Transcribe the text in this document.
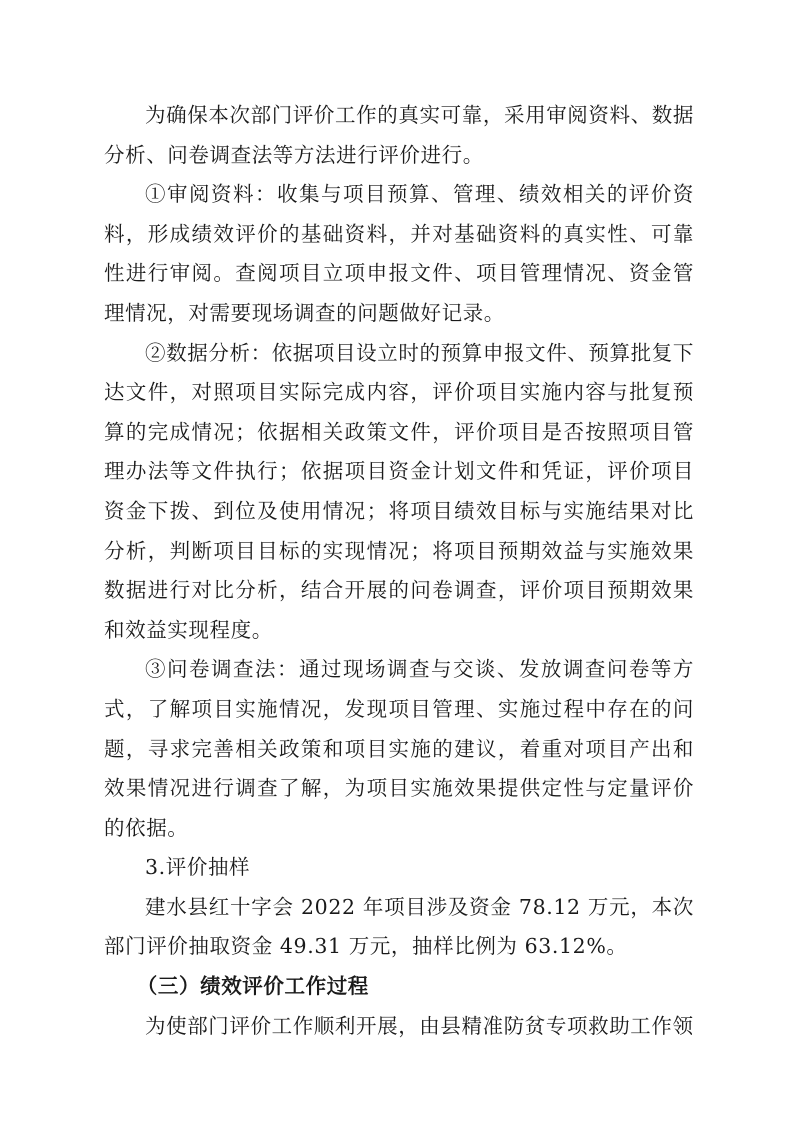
为确保本次部门评价工作的真实可靠，采用审阅资料、数据分析、问卷调查法等方法进行评价进行。

①审阅资料：收集与项目预算、管理、绩效相关的评价资料，形成绩效评价的基础资料，并对基础资料的真实性、可靠性进行审阅。查阅项目立项申报文件、项目管理情况、资金管理情况，对需要现场调查的问题做好记录。

②数据分析：依据项目设立时的预算申报文件、预算批复下达文件，对照项目实际完成内容，评价项目实施内容与批复预算的完成情况；依据相关政策文件，评价项目是否按照项目管理办法等文件执行；依据项目资金计划文件和凭证，评价项目资金下拨、到位及使用情况；将项目绩效目标与实施结果对比分析，判断项目目标的实现情况；将项目预期效益与实施效果数据进行对比分析，结合开展的问卷调查，评价项目预期效果和效益实现程度。

③问卷调查法：通过现场调查与交谈、发放调查问卷等方式，了解项目实施情况，发现项目管理、实施过程中存在的问题，寻求完善相关政策和项目实施的建议，着重对项目产出和效果情况进行调查了解，为项目实施效果提供定性与定量评价的依据。

3.评价抽样

建水县红十字会 2022 年项目涉及资金 78.12 万元，本次部门评价抽取资金 49.31 万元，抽样比例为 63.12%。

（三）绩效评价工作过程

为使部门评价工作顺利开展，由县精准防贫专项救助工作领
